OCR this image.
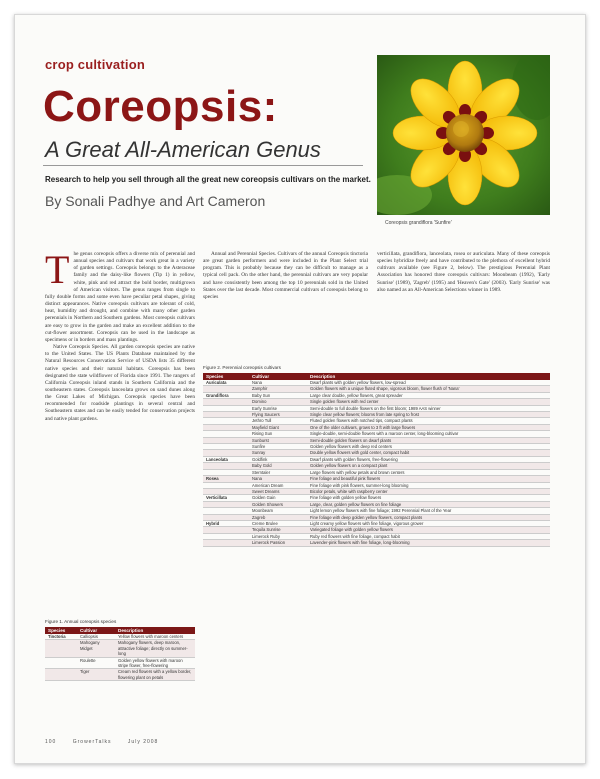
crop cultivation
Coreopsis:
A Great All-American Genus
Research to help you sell through all the great new coreopsis cultivars on the market.
By Sonali Padhye and Art Cameron
Coreopsis grandiflora 'Sunfire'
T he genus coreopsis offers a diverse mix of perennial and annual species and cultivars that work great in a variety of garden settings. Coreopsis belongs to the Asteraceae family and the daisy-like flowers (Tip 1) in yellow, white, pink and red attract the bold border, multigrown of American visitors. The genus ranges from single to fully double forms and some even have peculiar petal shapes, giving distinct appearances. Native coreopsis cultivars are tolerant of cold, heat, humidity and drought, and combine with many other garden perennials in Northern and Southern gardens. Most coreopsis cultivars are easy to grow in the garden and make an excellent addition to the cut-flower assortment. Coreopsis can be used in the landscape as specimens or in borders and mass plantings.

Native Coreopsis Species. All garden coreopsis species are native to the United States. The US Plants Database maintained by the Natural Resources Conservation Service of USDA lists 35 different native species and their natural habitats. Coreopsis has been designated the state wildflower of Florida since 1991. The rangers of California Coreopsis inland stands in Southern California and the southeastern states. Coreopsis lanceolata grows on sand dunes along the Great Lakes of Michigan. Coreopsis species have been recommended for roadside plantings in several central and Southeastern states and can be easily tended for conservation projects and native plant gardens.

Annual and Perennial Species. Cultivars of the annual Coreopsis tinctoria are great garden performers and were included in the Plant Select trial program. This is probably because they can be difficult to manage as a typical cell pack. On the other hand, the perennial cultivars are very popular and have consistently been among the top 10 perennials sold in the United States over the last decade. Most commercial cultivars of coreopsis belong to species

verticillata, grandiflora, lanceolata, rosea or auriculata. Many of these coreopsis species hybridize freely and have contributed to the plethora of excellent hybrid cultivars available (see Figure 2, below). The prestigious Perennial Plant Association has honored three coreopsis cultivars: Moonbeam (1992), 'Early Sunrise' (1989), 'Zagreb' (1995) and 'Heaven's Gate' (2003). 'Early Sunrise' was also named as an All-American Selections winner in 1989.

Figure 2. Perennial coreopsis cultivars
Species	Cultivar	Description
Auriculata	Nana	Dwarf plants with golden yellow flowers, low-spread
	Zamphir	Golden flowers with a unique fluted shape, vigorous bloom, flower flush of 'Nana'
Grandiflora	Baby Sun	Large clear double, yellow flowers, great spreader
	Domino	Single golden flowers with red center
	Early Sunrise	Semi-double to full double flowers on the first bloom; 1989 AAS winner
	Flying Saucers	Single clear yellow flowers; blooms from late spring to frost
	Jethro Tull	Fluted golden flowers with notched tips, compact plants
	Mayfield Giant	One of the older cultivars, grows to 3 ft with large flowers
	Rising Sun	Single-double, semi-double flowers with a maroon center, long-blooming cultivar
	Sunburst	Semi-double golden flowers on dwarf plants
	Sunfire	Golden yellow flowers with deep red centers
	Sunray	Double yellow flowers with gold center, compact habit
Lanceolata	Goldfink	Dwarf plants with golden flowers, free-flowering
	Baby Gold	Golden yellow flowers on a compact plant
	Sterntaler	Large flowers with yellow petals and brown centers
Rosea	Nana	Fine foliage and beautiful pink flowers
	American Dream	Fine foliage with pink flowers, summer-long blooming
	Sweet Dreams	Bicolor petals, white with raspberry center
Verticillata	Golden Gain	Fine foliage with golden yellow flowers
	Golden Showers	Large, clear, golden yellow flowers on fine foliage
	Moonbeam	Light lemon yellow flowers with fine foliage; 1992 Perennial Plant of the Year
	Zagreb	Fine foliage with deep golden yellow flowers, compact plants
Hybrid	Creme Brulee	Light creamy yellow flowers with fine foliage, vigorous grower
	Tequila Sunrise	Variegated foliage with golden yellow flowers
	Limerock Ruby	Ruby red flowers with fine foliage, compact habit
	Limerock Passion	Lavender-pink flowers with fine foliage, long-blooming
Figure 1. Annual coreopsis species
Species	Cultivar	Description
Tinctoria	Calliopsis	Yellow flowers with maroon centers
	Mahogany Midget	Mahogany flowers, deep maroon, attractive foliage; directly on summer-long
	Roulette	Golden yellow flowers with maroon stripe flower, free-flowering
	Tiger	Cream red flowers with a yellow border, flowering plant on petals
100	GrowerTalks	July 2008
